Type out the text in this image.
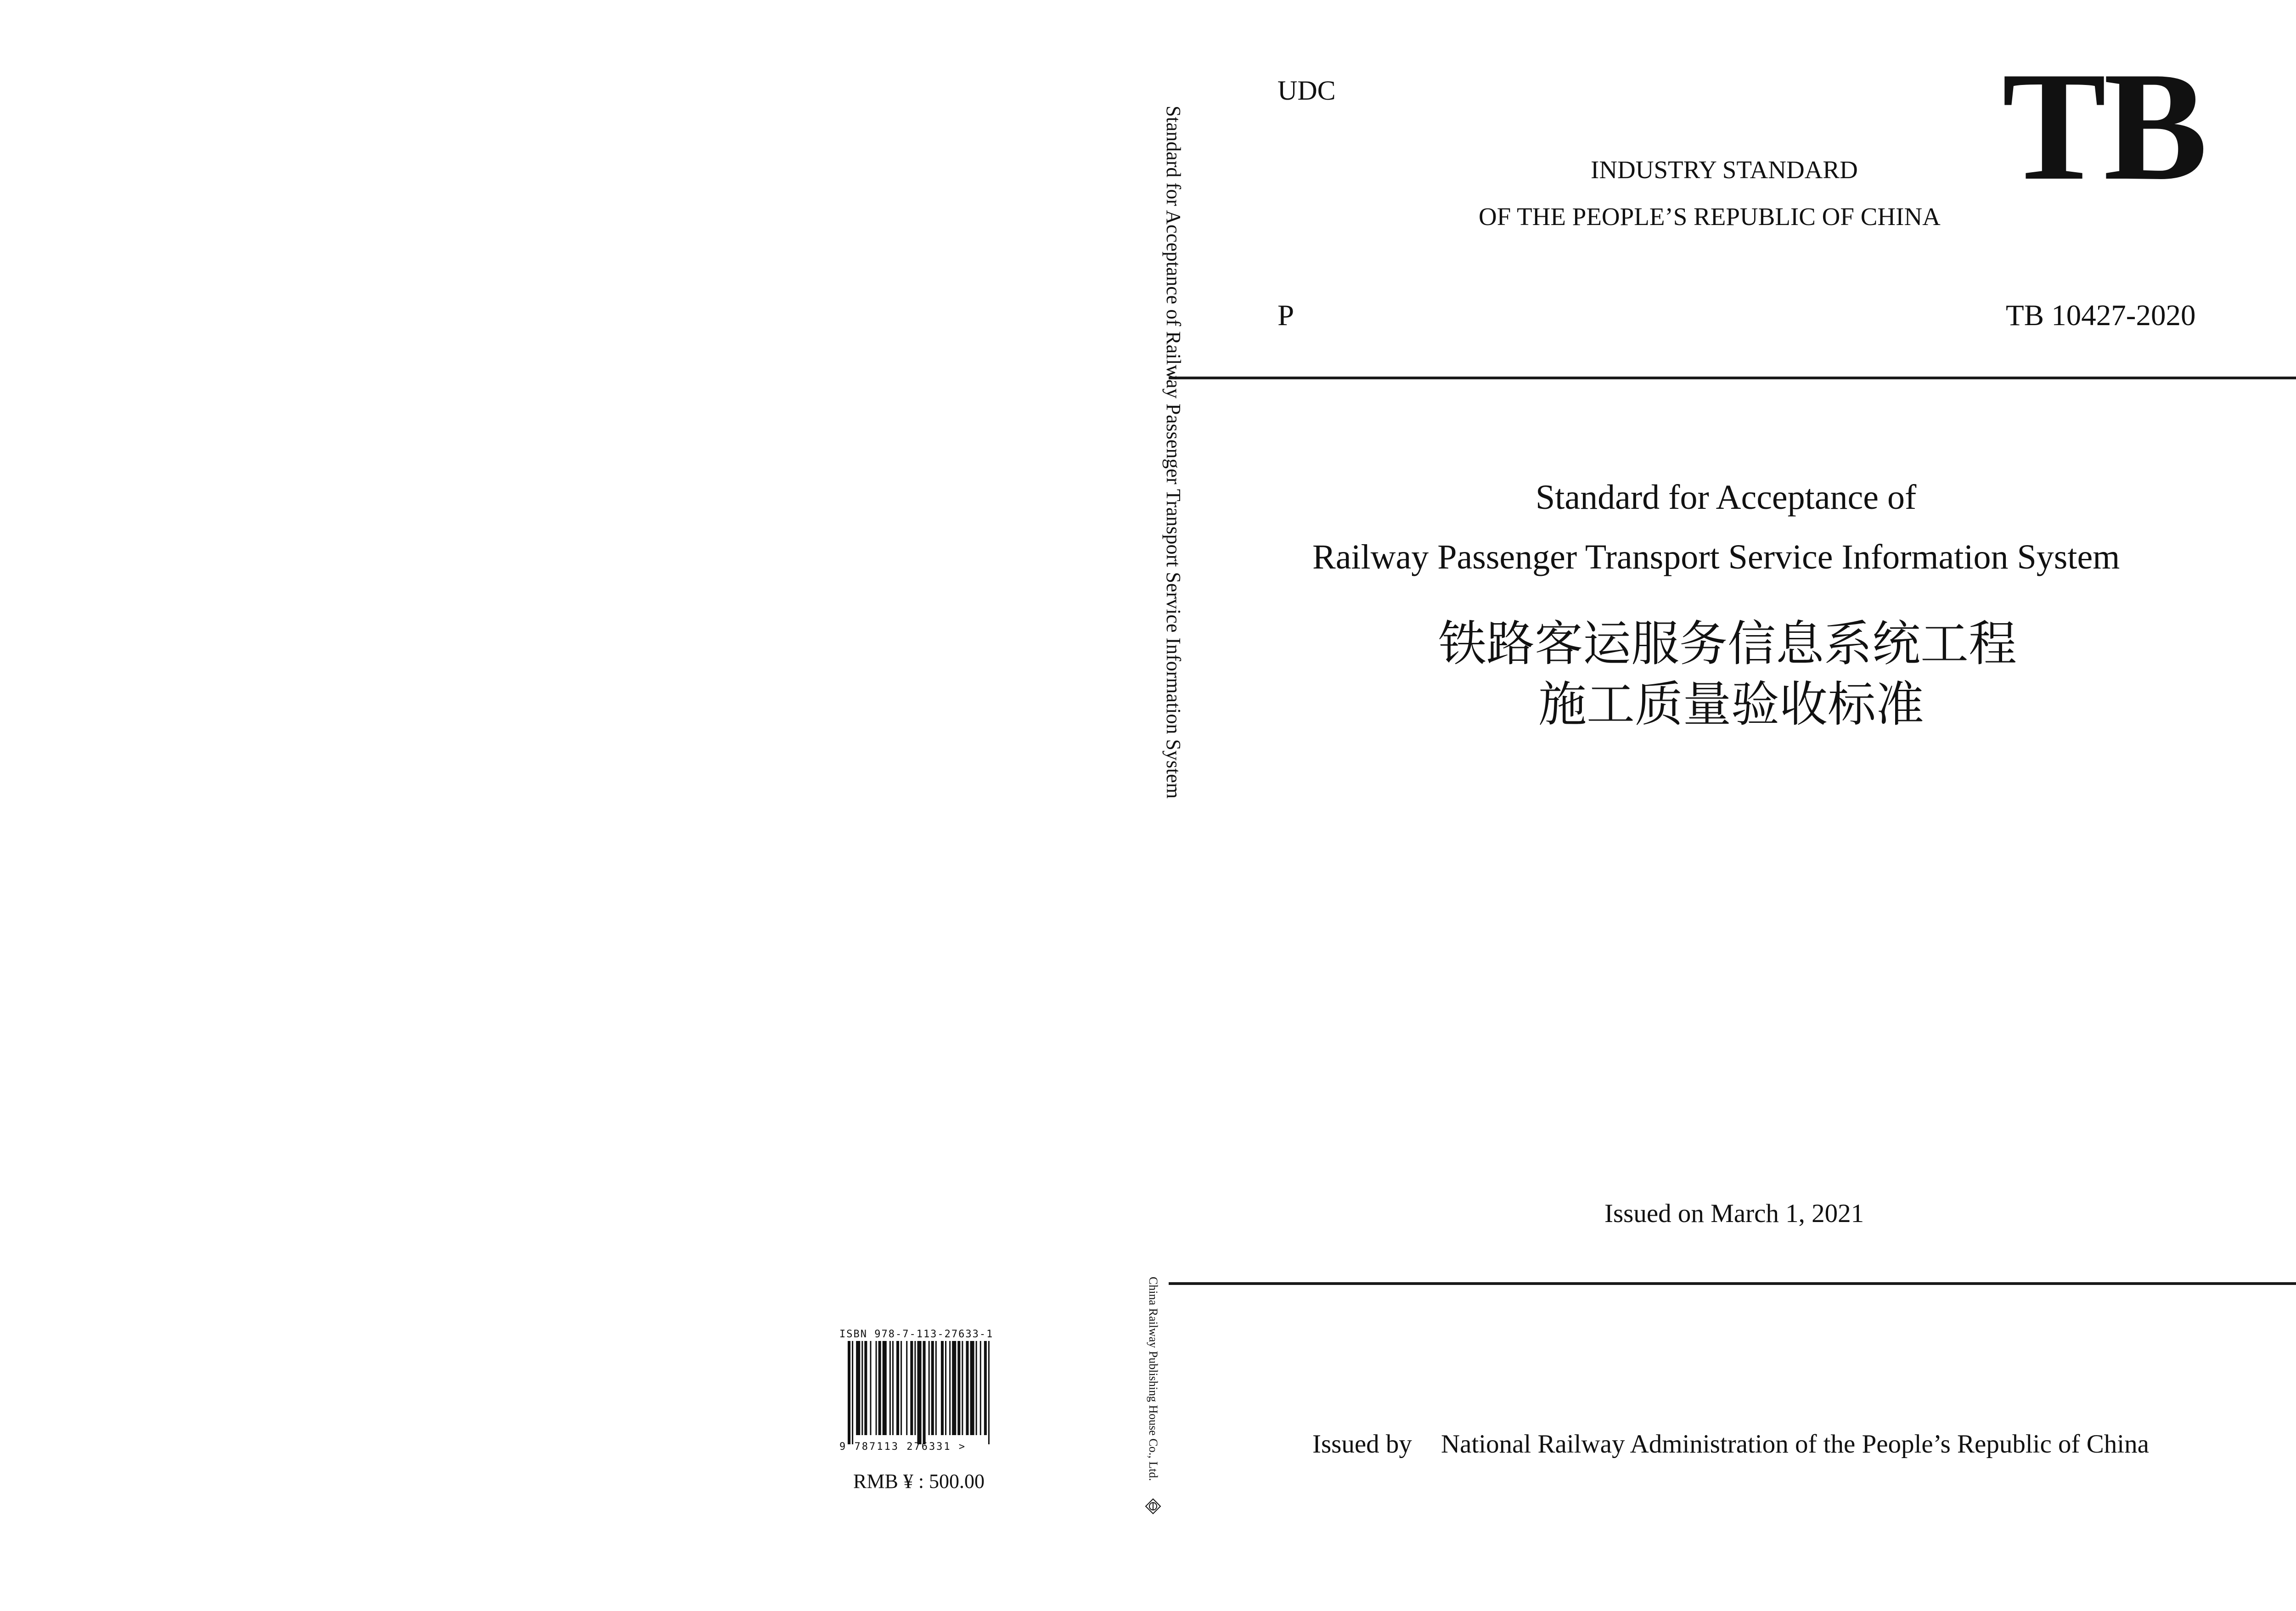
UDC	TB
INDUSTRY STANDARD
OF THE PEOPLE’S REPUBLIC OF CHINA
P	TB 10427-2020
Standard for Acceptance of
Railway Passenger Transport Service Information System
铁路客运服务信息系统工程
施工质量验收标准
Issued on March 1, 2021
Issued by National Railway Administration of the People’s Republic of China
Standard for Acceptance of Railway Passenger Transport Service Information System
China Railway Publishing House Co., Ltd.
ISBN 978-7-113-27633-1
9 787113 276331 >
RMB ¥ : 500.00
